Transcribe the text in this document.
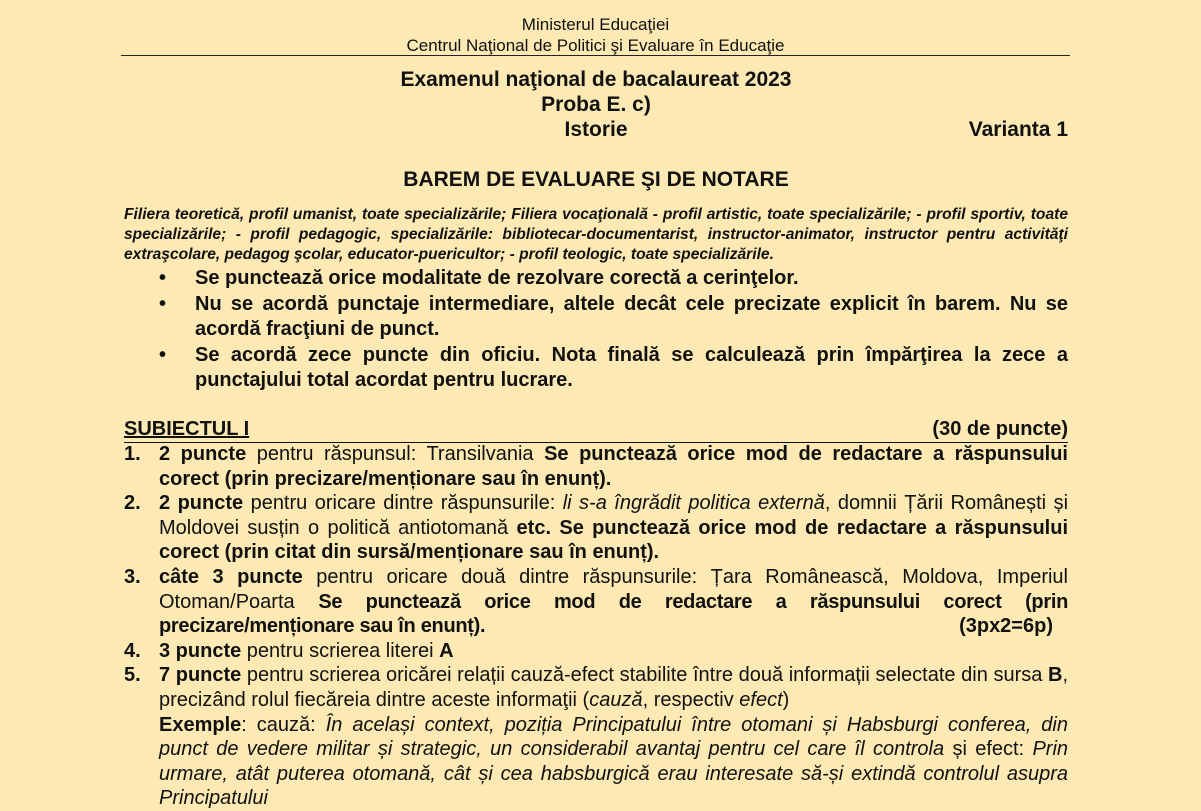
Ministerul Educaţiei
Centrul Naţional de Politici şi Evaluare în Educaţie
Examenul naţional de bacalaureat 2023
Proba E. c)
Istorie	Varianta 1
BAREM DE EVALUARE ŞI DE NOTARE
Filiera teoretică, profil umanist, toate specializările; Filiera vocaţională - profil artistic, toate specializările; - profil sportiv, toate specializările; - profil pedagogic, specializările: bibliotecar-documentarist, instructor-animator, instructor pentru activităţi extraşcolare, pedagog şcolar, educator-puericultor; - profil teologic, toate specializările.
• Se punctează orice modalitate de rezolvare corectă a cerinţelor.
• Nu se acordă punctaje intermediare, altele decât cele precizate explicit în barem. Nu se acordă fracţiuni de punct.
• Se acordă zece puncte din oficiu. Nota finală se calculează prin împărţirea la zece a punctajului total acordat pentru lucrare.
SUBIECTUL I	(30 de puncte)
1. 2 puncte pentru răspunsul: Transilvania Se punctează orice mod de redactare a răspunsului corect (prin precizare/menționare sau în enunț).
2. 2 puncte pentru oricare dintre răspunsurile: li s-a îngrădit politica externă, domnii Țării Românești și Moldovei susțin o politică antiotomană etc. Se punctează orice mod de redactare a răspunsului corect (prin citat din sursă/menționare sau în enunț).
3. câte 3 puncte pentru oricare două dintre răspunsurile: Țara Românească, Moldova, Imperiul Otoman/Poarta Se punctează orice mod de redactare a răspunsului corect (prin precizare/menționare sau în enunț).	(3px2=6p)
4. 3 puncte pentru scrierea literei A
5. 7 puncte pentru scrierea oricărei relații cauză-efect stabilite între două informații selectate din sursa B, precizând rolul fiecăreia dintre aceste informaţii (cauză, respectiv efect)
Exemple: cauză: În același context, poziția Principatului între otomani și Habsburgi conferea, din punct de vedere militar și strategic, un considerabil avantaj pentru cel care îl controla și efect: Prin urmare, atât puterea otomană, cât și cea habsburgică erau interesate să-și extindă controlul asupra Principatului
